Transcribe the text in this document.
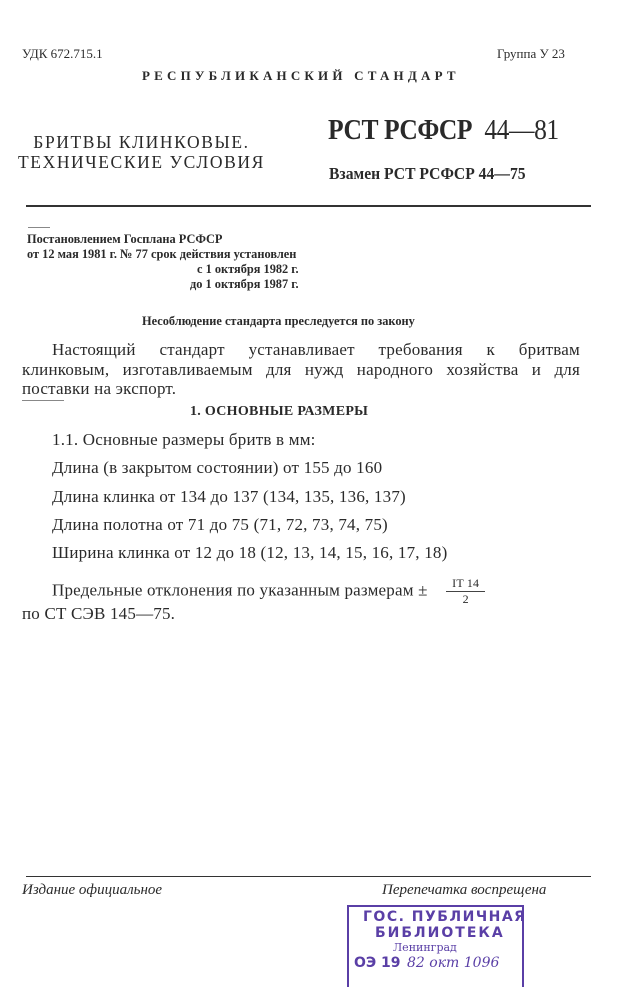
УДК 672.715.1	Группа У 23
РЕСПУБЛИКАНСКИЙ СТАНДАРТ
БРИТВЫ КЛИНКОВЫЕ.
ТЕХНИЧЕСКИЕ УСЛОВИЯ
РСТ РСФСР 44—81
Взамен РСТ РСФСР 44—75
Постановлением Госплана РСФСР
от 12 мая 1981 г. № 77 срок действия установлен
с 1 октября 1982 г.
до 1 октября 1987 г.
Несоблюдение стандарта преследуется по закону
Настоящий стандарт устанавливает требования к бритвам
клинковым, изготавливаемым для нужд народного хозяйства и для
поставки на экспорт.
1. ОСНОВНЫЕ РАЗМЕРЫ
1.1. Основные размеры бритв в мм:
Длина (в закрытом состоянии) от 155 до 160
Длина клинка от 134 до 137 (134, 135, 136, 137)
Длина полотна от 71 до 75 (71, 72, 73, 74, 75)
Ширина клинка от 12 до 18 (12, 13, 14, 15, 16, 17, 18)
Предельные отклонения по указанным размерам ± $\frac{IT 14}{2}$
по СТ СЭВ 145—75.
Издание официальное	Перепечатка воспрещена
ГОС. ПУБЛИЧНАЯ
БИБЛИОТЕКА
Ленинград
ОЭ 19 82 окт 1096
